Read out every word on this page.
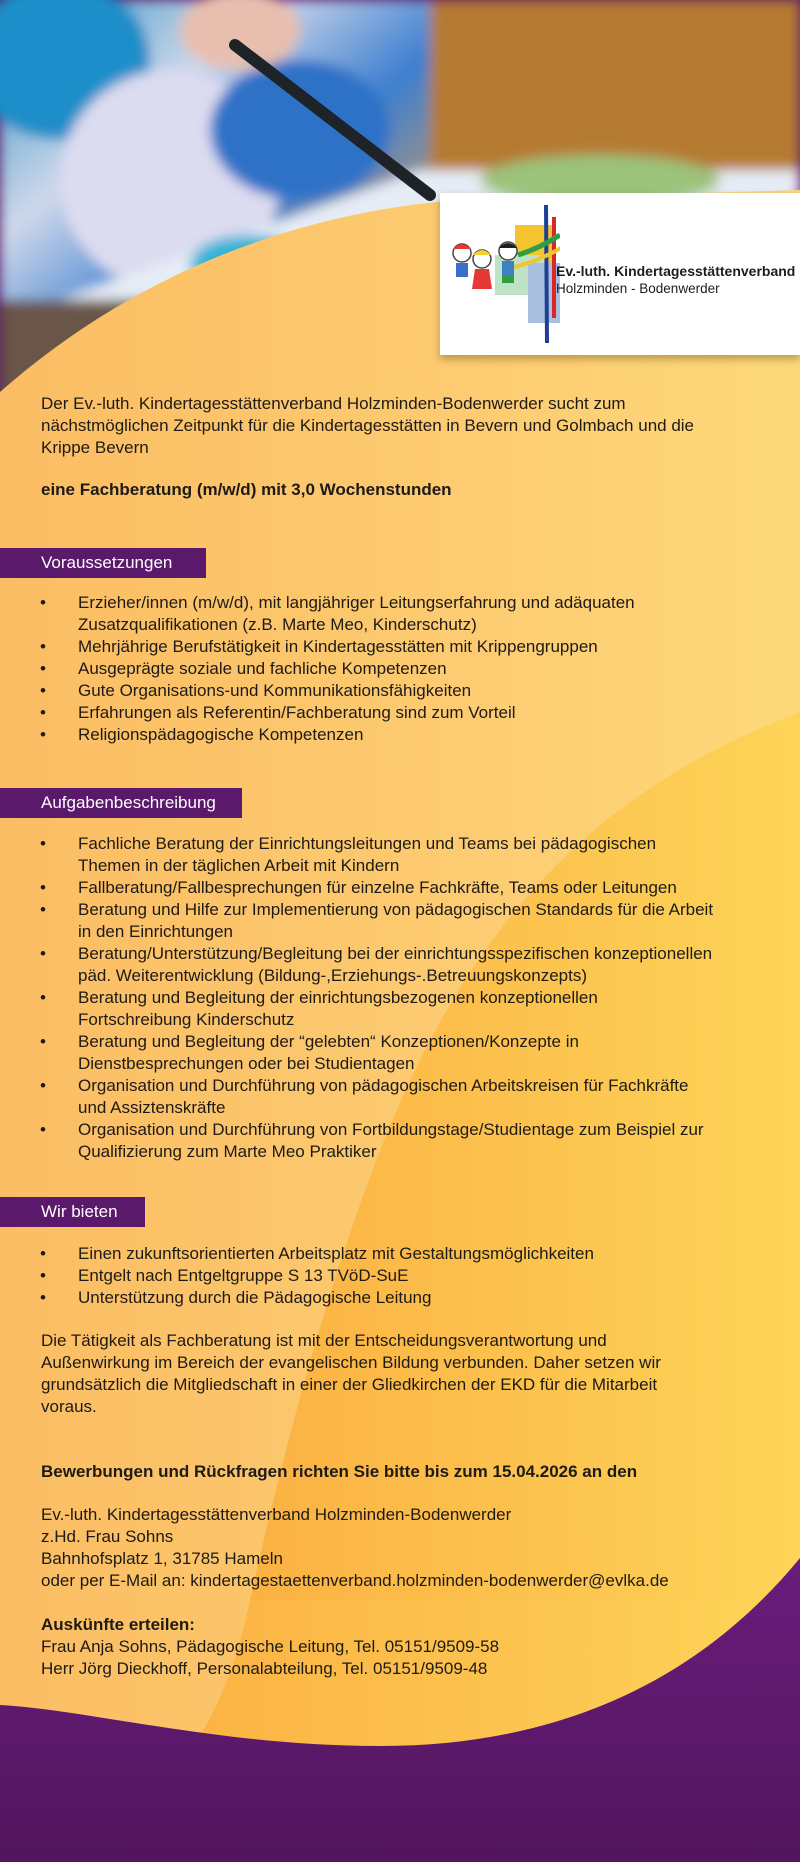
Ev.-luth. Kindertagesstättenverband
Holzminden - Bodenwerder

Der Ev.-luth. Kindertagesstättenverband Holzminden-Bodenwerder sucht zum
nächstmöglichen Zeitpunkt für die Kindertagesstätten in Bevern und Golmbach und die
Krippe Bevern

eine Fachberatung (m/w/d) mit 3,0 Wochenstunden

Voraussetzungen
• Erzieher/innen (m/w/d), mit langjähriger Leitungserfahrung und adäquaten
Zusatzqualifikationen (z.B. Marte Meo, Kinderschutz)
• Mehrjährige Berufstätigkeit in Kindertagesstätten mit Krippengruppen
• Ausgeprägte soziale und fachliche Kompetenzen
• Gute Organisations-und Kommunikationsfähigkeiten
• Erfahrungen als Referentin/Fachberatung sind zum Vorteil
• Religionspädagogische Kompetenzen
Aufgabenbeschreibung
• Fachliche Beratung der Einrichtungsleitungen und Teams bei pädagogischen
Themen in der täglichen Arbeit mit Kindern
• Fallberatung/Fallbesprechungen für einzelne Fachkräfte, Teams oder Leitungen
• Beratung und Hilfe zur Implementierung von pädagogischen Standards für die Arbeit
in den Einrichtungen
• Beratung/Unterstützung/Begleitung bei der einrichtungsspezifischen konzeptionellen
päd. Weiterentwicklung (Bildung-,Erziehungs-.Betreuungskonzepts)
• Beratung und Begleitung der einrichtungsbezogenen konzeptionellen
Fortschreibung Kinderschutz
• Beratung und Begleitung der “gelebten“ Konzeptionen/Konzepte in
Dienstbesprechungen oder bei Studientagen
• Organisation und Durchführung von pädagogischen Arbeitskreisen für Fachkräfte
und Assiztenskräfte
• Organisation und Durchführung von Fortbildungstage/Studientage zum Beispiel zur
Qualifizierung zum Marte Meo Praktiker
Wir bieten
• Einen zukunftsorientierten Arbeitsplatz mit Gestaltungsmöglichkeiten
• Entgelt nach Entgeltgruppe S 13 TVöD-SuE
• Unterstützung durch die Pädagogische Leitung

Die Tätigkeit als Fachberatung ist mit der Entscheidungsverantwortung und
Außenwirkung im Bereich der evangelischen Bildung verbunden. Daher setzen wir
grundsätzlich die Mitgliedschaft in einer der Gliedkirchen der EKD für die Mitarbeit
voraus.

Bewerbungen und Rückfragen richten Sie bitte bis zum 15.04.2026 an den

Ev.-luth. Kindertagesstättenverband Holzminden-Bodenwerder
z.Hd. Frau Sohns
Bahnhofsplatz 1, 31785 Hameln
oder per E-Mail an: kindertagestaettenverband.holzminden-bodenwerder@evlka.de

Auskünfte erteilen:
Frau Anja Sohns, Pädagogische Leitung, Tel. 05151/9509-58
Herr Jörg Dieckhoff, Personalabteilung, Tel. 05151/9509-48
